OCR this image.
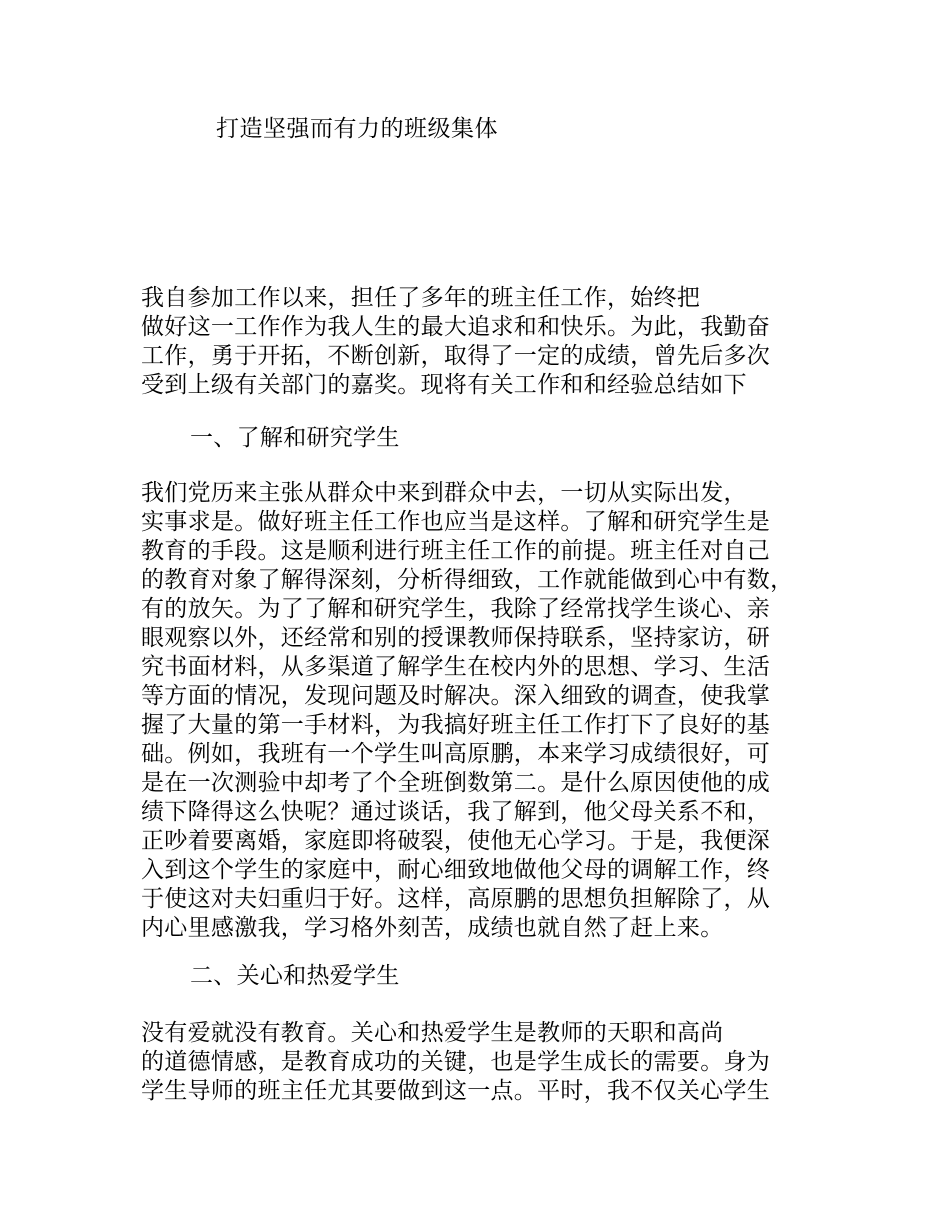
打造坚强而有力的班级集体
我自参加工作以来，担任了多年的班主任工作，始终把
做好这一工作作为我人生的最大追求和和快乐。为此，我勤奋
工作，勇于开拓，不断创新，取得了一定的成绩，曾先后多次
受到上级有关部门的嘉奖。现将有关工作和和经验总结如下
一、了解和研究学生
我们党历来主张从群众中来到群众中去，一切从实际出发，
实事求是。做好班主任工作也应当是这样。了解和研究学生是
教育的手段。这是顺利进行班主任工作的前提。班主任对自己
的教育对象了解得深刻，分析得细致，工作就能做到心中有数，
有的放矢。为了了解和研究学生，我除了经常找学生谈心、亲
眼观察以外，还经常和别的授课教师保持联系，坚持家访，研
究书面材料，从多渠道了解学生在校内外的思想、学习、生活
等方面的情况，发现问题及时解决。深入细致的调查，使我掌
握了大量的第一手材料，为我搞好班主任工作打下了良好的基
础。例如，我班有一个学生叫高原鹏，本来学习成绩很好，可
是在一次测验中却考了个全班倒数第二。是什么原因使他的成
绩下降得这么快呢？通过谈话，我了解到，他父母关系不和，
正吵着要离婚，家庭即将破裂，使他无心学习。于是，我便深
入到这个学生的家庭中，耐心细致地做他父母的调解工作，终
于使这对夫妇重归于好。这样，高原鹏的思想负担解除了，从
内心里感激我，学习格外刻苦，成绩也就自然了赶上来。
二、关心和热爱学生
没有爱就没有教育。关心和热爱学生是教师的天职和高尚
的道德情感，是教育成功的关键，也是学生成长的需要。身为
学生导师的班主任尤其要做到这一点。平时，我不仅关心学生
